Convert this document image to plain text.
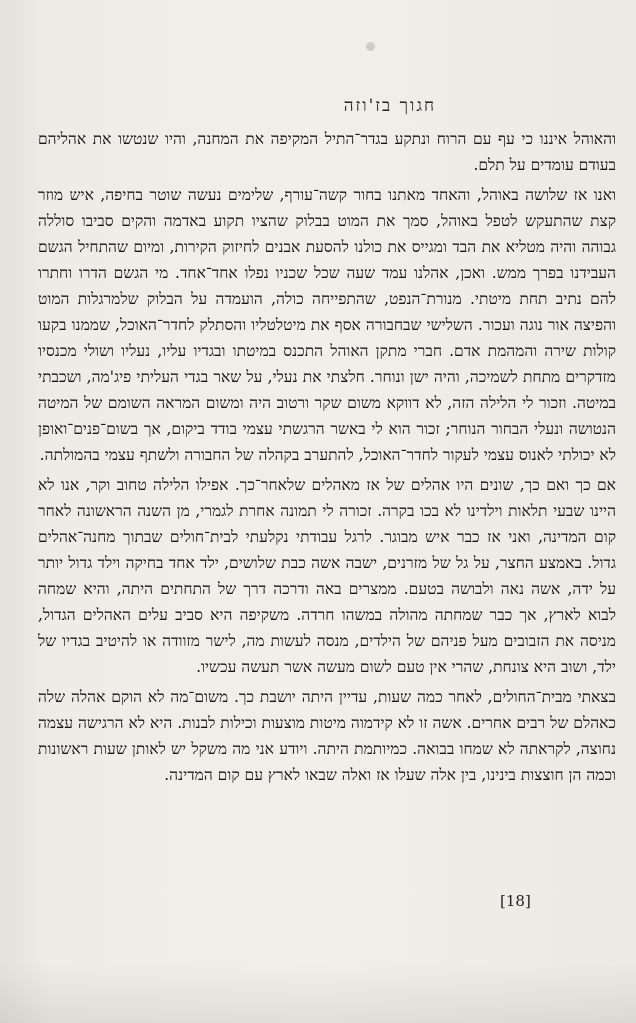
חגוך בז'וזה

והאוהל איננו כי עף עם הרוח ונתקע בגדר־התיל המקיפה את המחנה, והיו שנטשו את אהליהם בעודם עומדים על תלם.

ואנו אז שלושה באוהל, והאחד מאתנו בחור קשה־עורף, שלימים נעשה שוטר בחיפה, איש מוזר קצת שהתעקש לטפל באוהל, סמך את המוט בבלוק שהציו תקוע באדמה והקים סביבו סוללה גבוהה והיה מטליא את הבד ומגייס את כולנו להסעת אבנים לחיזוק הקירות, ומיום שהתחיל הגשם העבידנו בפרך ממש. ואכן, אהלנו עמד שעה שכל שכניו נפלו אחד־אחד. מי הגשם הדרו וחתרו להם נתיב תחת מיטתי. מנורת־הנפט, שהתפייחה כולה, הועמדה על הבלוק שלמרגלות המוט והפיצה אור נוגה ועכור. השלישי שבחבורה אסף את מיטלטליו והסתלק לחדר־האוכל, שממנו בקעו קולות שירה והמהמת אדם. חברי מתקן האוהל התכנס במיטתו ובגדיו עליו, נעליו ושולי מכנסיו מזדקרים מתחת לשמיכה, והיה ישן ונוחר. חלצתי את נעלי, על שאר בגדי העליתי פיג'מה, ושכבתי במיטה. וזכור לי הלילה הזה, לא דווקא משום שקר ורטוב היה ומשום המראה השומם של המיטה הנטושה ונעלי הבחור הנוחר; זכור הוא לי באשר הרגשתי עצמי בודד ביקום, אך בשום־פנים־ואופן לא יכולתי לאנוס עצמי לעקור לחדר־האוכל, להתערב בקהלה של החבורה ולשתף עצמי בהמולתה.

אם כך ואם כך, שונים היו אהלים של אז מאהלים שלאחר־כך. אפילו הלילה טחוב וקר, אנו לא היינו שבעי תלאות וילדינו לא בכו בקרה. זכורה לי תמונה אחרת לגמרי, מן השנה הראשונה לאחר קום המדינה, ואני אז כבר איש מבוגר. לרגל עבודתי נקלעתי לבית־חולים שבתוך מחנה־אהלים גדול. באמצע החצר, על גל של מזרנים, ישבה אשה כבת שלושים, ילד אחד בחיקה וילד גדול יותר על ידה, אשה נאה ולבושה בטעם. ממצרים באה ודרכה דרך של התחתים היתה, והיא שמחה לבוא לארץ, אך כבר שמחתה מהולה במשהו חרדה. משקיפה היא סביב עלים האהלים הגדול, מניסה את הזבובים מעל פניהם של הילדים, מנסה לעשות מה, לישר מזוודה או להיטיב בגדיו של ילד, ושוב היא צונחת, שהרי אין טעם לשום מעשה אשר תעשה עכשיו.

בצאתי מבית־החולים, לאחר כמה שעות, עדיין היתה יושבת כך. משום־מה לא הוקם אהלה שלה כאהלם של רבים אחרים. אשה זו לא קידמוה מיטות מוצעות וכילות לבנות. היא לא הרגישה עצמה נחוצה, לקראתה לא שמחו בבואה. כמיותמת היתה. ויודע אני מה משקל יש לאותן שעות ראשונות וכמה הן חוצצות בינינו, בין אלה שעלו אז ואלה שבאו לארץ עם קום המדינה.

[18]
